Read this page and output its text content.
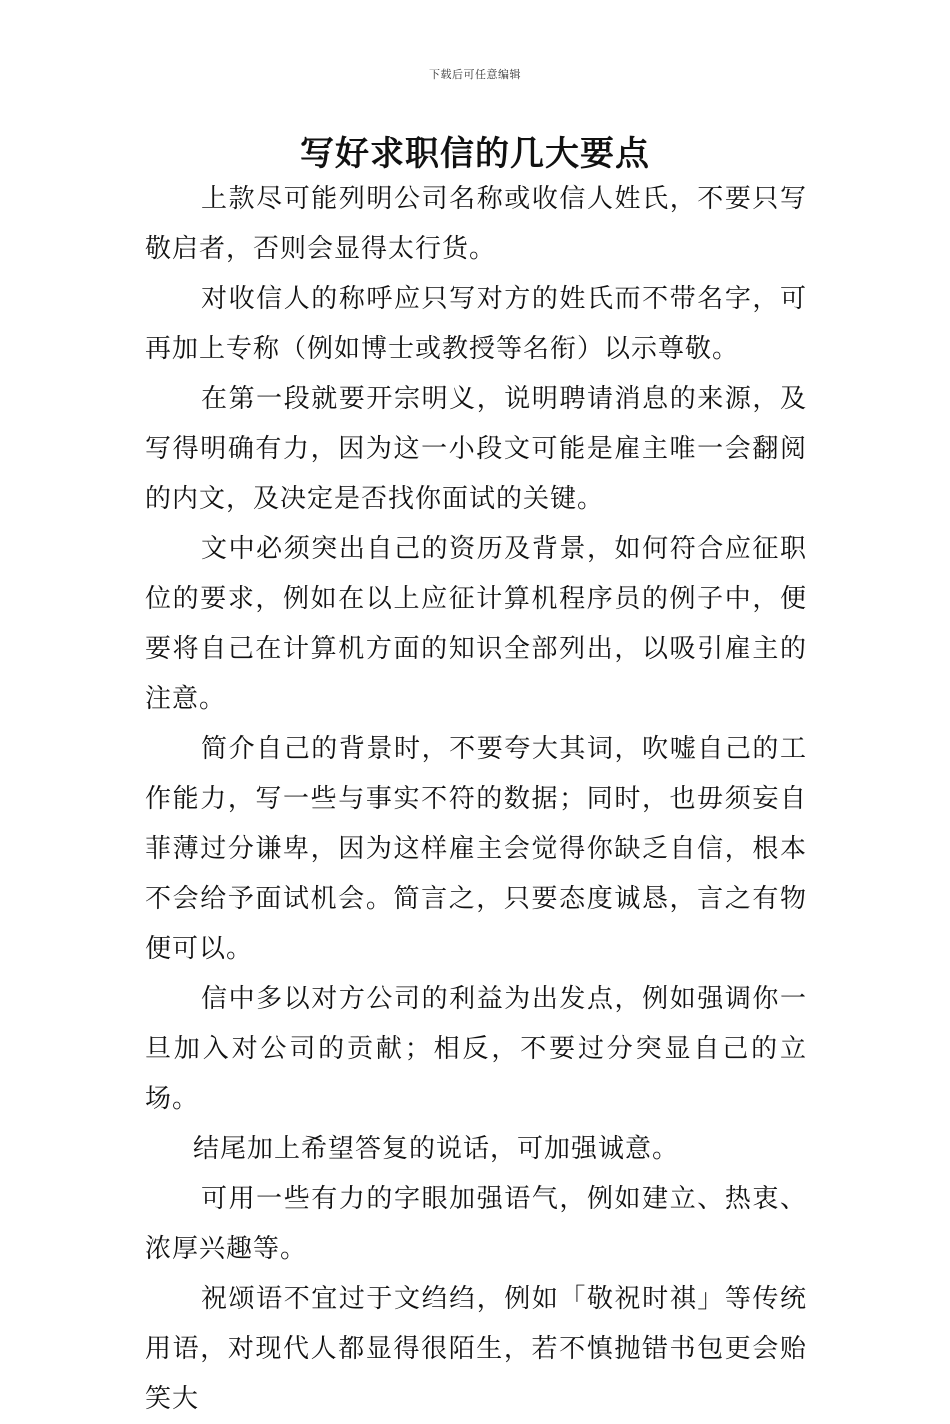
下载后可任意编辑
写好求职信的几大要点

上款尽可能列明公司名称或收信人姓氏，不要只写敬启者，否则会显得太行货。

对收信人的称呼应只写对方的姓氏而不带名字，可再加上专称（例如博士或教授等名衔）以示尊敬。

在第一段就要开宗明义，说明聘请消息的来源，及写得明确有力，因为这一小段文可能是雇主唯一会翻阅的内文，及决定是否找你面试的关键。

文中必须突出自己的资历及背景，如何符合应征职位的要求，例如在以上应征计算机程序员的例子中，便要将自己在计算机方面的知识全部列出，以吸引雇主的注意。

简介自己的背景时，不要夸大其词，吹嘘自己的工作能力，写一些与事实不符的数据；同时，也毋须妄自菲薄过分谦卑，因为这样雇主会觉得你缺乏自信，根本不会给予面试机会。简言之，只要态度诚恳，言之有物便可以。

信中多以对方公司的利益为出发点，例如强调你一旦加入对公司的贡献；相反，不要过分突显自己的立场。

结尾加上希望答复的说话，可加强诚意。

可用一些有力的字眼加强语气，例如建立、热衷、浓厚兴趣等。

祝颂语不宜过于文绉绉，例如「敬祝时祺」等传统用语，对现代人都显得很陌生，若不慎抛错书包更会贻笑大
